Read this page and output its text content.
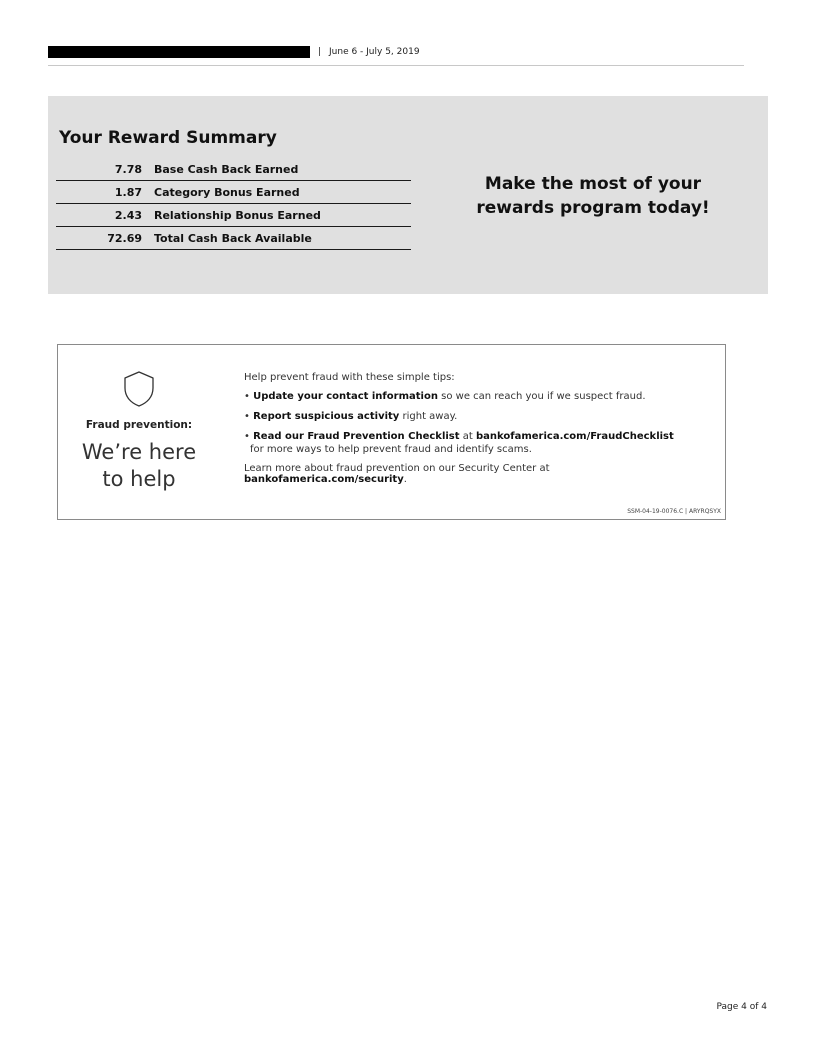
| June 6 - July 5, 2019
Your Reward Summary
7.78	Base Cash Back Earned
1.87	Category Bonus Earned
2.43	Relationship Bonus Earned
72.69	Total Cash Back Available
Make the most of your
rewards program today!
Fraud prevention:
We’re here
to help

Help prevent fraud with these simple tips:

• Update your contact information so we can reach you if we suspect fraud.

• Report suspicious activity right away.

• Read our Fraud Prevention Checklist at bankofamerica.com/FraudChecklist
for more ways to help prevent fraud and identify scams.

Learn more about fraud prevention on our Security Center at bankofamerica.com/security.

SSM-04-19-0076.C | ARYRQSYX
Page 4 of 4
